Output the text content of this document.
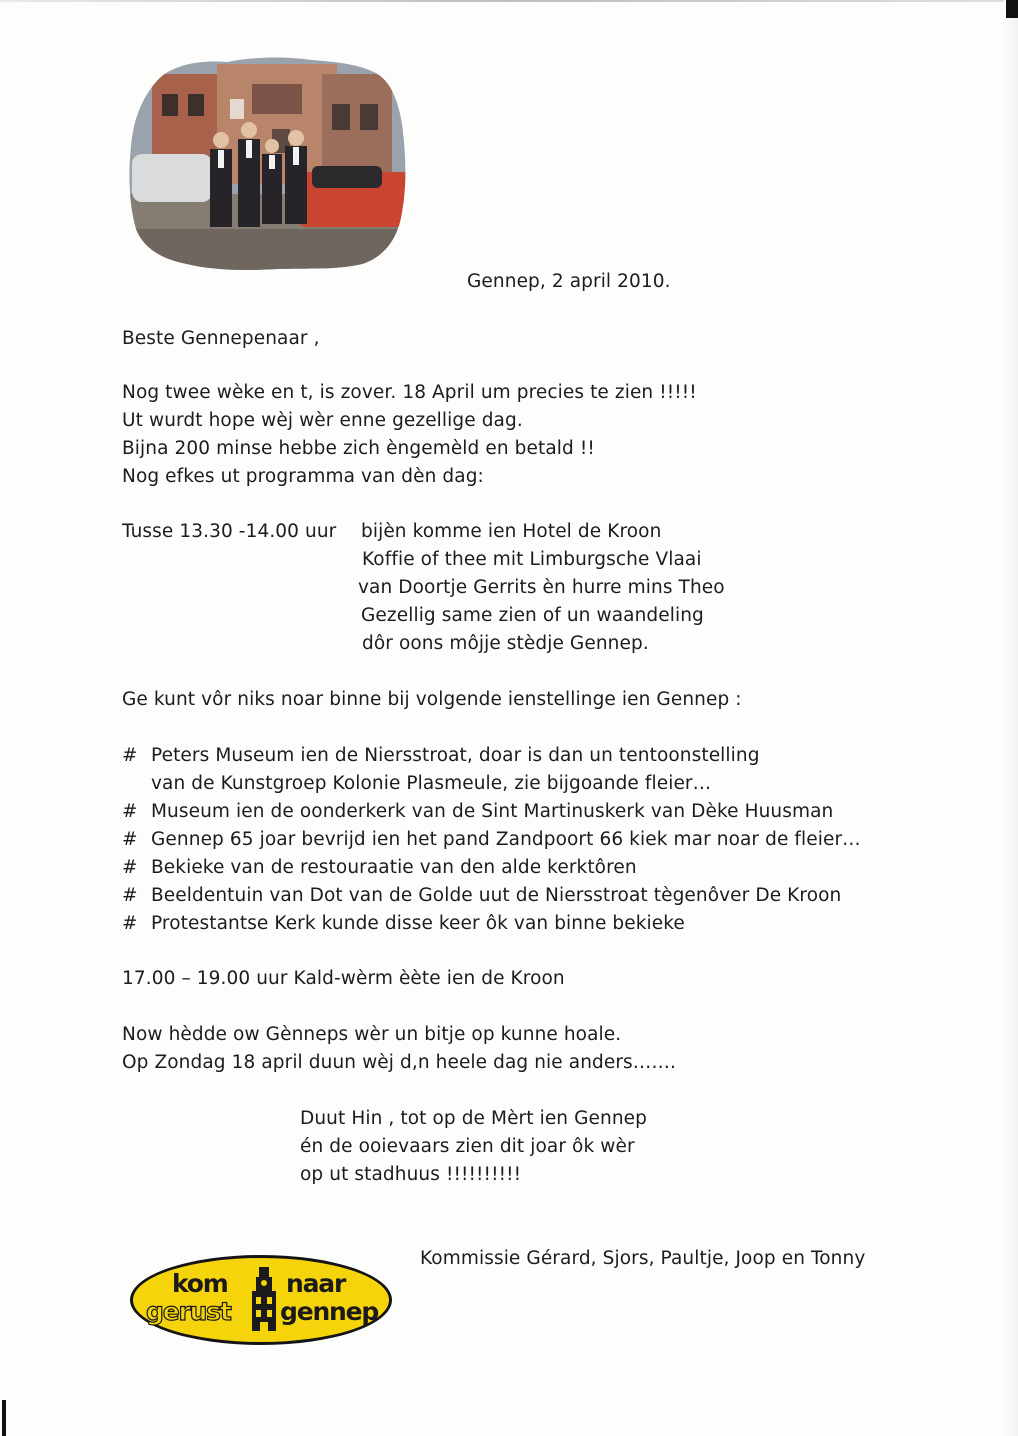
Gennep, 2 april 2010.
Beste Gennepenaar ,
Nog twee wèke en t, is zover. 18 April um precies te zien !!!!!
Ut wurdt hope wèj wèr enne gezellige dag.
Bijna 200 minse hebbe zich èngemèld en betald !!
Nog efkes ut programma van dèn dag:
Tusse 13.30 -14.00 uur bijèn komme ien Hotel de Kroon
Koffie of thee mit Limburgsche Vlaai
van Doortje Gerrits èn hurre mins Theo
Gezellig same zien of un waandeling
dôr oons môjje stèdje Gennep.
Ge kunt vôr niks noar binne bij volgende ienstellinge ien Gennep :
# Peters Museum ien de Niersstroat, doar is dan un tentoonstelling
van de Kunstgroep Kolonie Plasmeule, zie bijgoande fleier…
# Museum ien de oonderkerk van de Sint Martinuskerk van Dèke Huusman
# Gennep 65 joar bevrijd ien het pand Zandpoort 66 kiek mar noar de fleier…
# Bekieke van de restouraatie van den alde kerktôren
# Beeldentuin van Dot van de Golde uut de Niersstroat tègenôver De Kroon
# Protestantse Kerk kunde disse keer ôk van binne bekieke
17.00 – 19.00 uur Kald-wèrm èète ien de Kroon
Now hèdde ow Gènneps wèr un bitje op kunne hoale.
Op Zondag 18 april duun wèj d,n heele dag nie anders…….
Duut Hin , tot op de Mèrt ien Gennep
én de ooievaars zien dit joar ôk wèr
op ut stadhuus !!!!!!!!!!
Kommissie Gérard, Sjors, Paultje, Joop en Tonny
kom naar
gerust gennep
